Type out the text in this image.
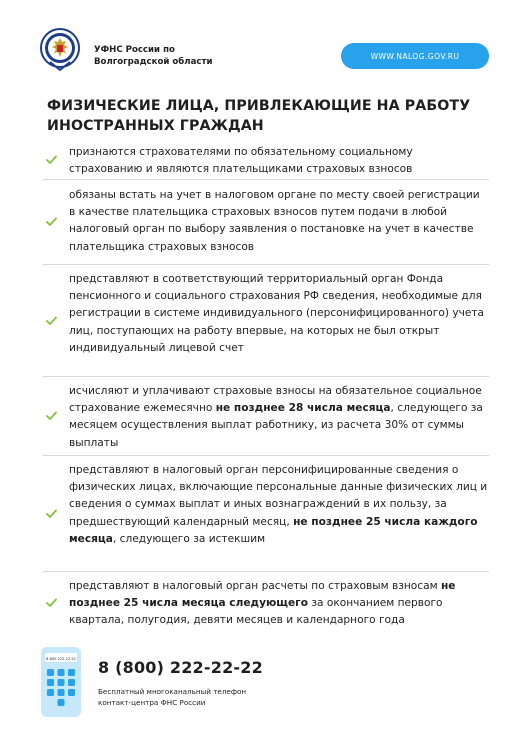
УФНС России по
Волгоградской области
WWW.NALOG.GOV.RU
ФИЗИЧЕСКИЕ ЛИЦА, ПРИВЛЕКАЮЩИЕ НА РАБОТУ
ИНОСТРАННЫХ ГРАЖДАН
признаются страхователями по обязательному социальному страхованию и являются плательщиками страховых взносов
обязаны встать на учет в налоговом органе по месту своей регистрации в качестве плательщика страховых взносов путем подачи в любой налоговый орган по выбору заявления о постановке на учет в качестве плательщика страховых взносов
представляют в соответствующий территориальный орган Фонда пенсионного и социального страхования РФ сведения, необходимые для регистрации в системе индивидуального (персонифицированного) учета лиц, поступающих на работу впервые, на которых не был открыт индивидуальный лицевой счет
исчисляют и уплачивают страховые взносы на обязательное социальное страхование ежемесячно не позднее 28 числа месяца, следующего за месяцем осуществления выплат работнику, из расчета 30% от суммы выплаты
представляют в налоговый орган персонифицированные сведения о физических лицах, включающие персональные данные физических лиц и сведения о суммах выплат и иных вознаграждений в их пользу, за предшествующий календарный месяц, не позднее 25 числа каждого месяца, следующего за истекшим
представляют в налоговый орган расчеты по страховым взносам не позднее 25 числа месяца следующего за окончанием первого квартала, полугодия, девяти месяцев и календарного года
8 800 222 22 22 8 (800) 222-22-22
Бесплатный многоканальный телефон
контакт-центра ФНС России
